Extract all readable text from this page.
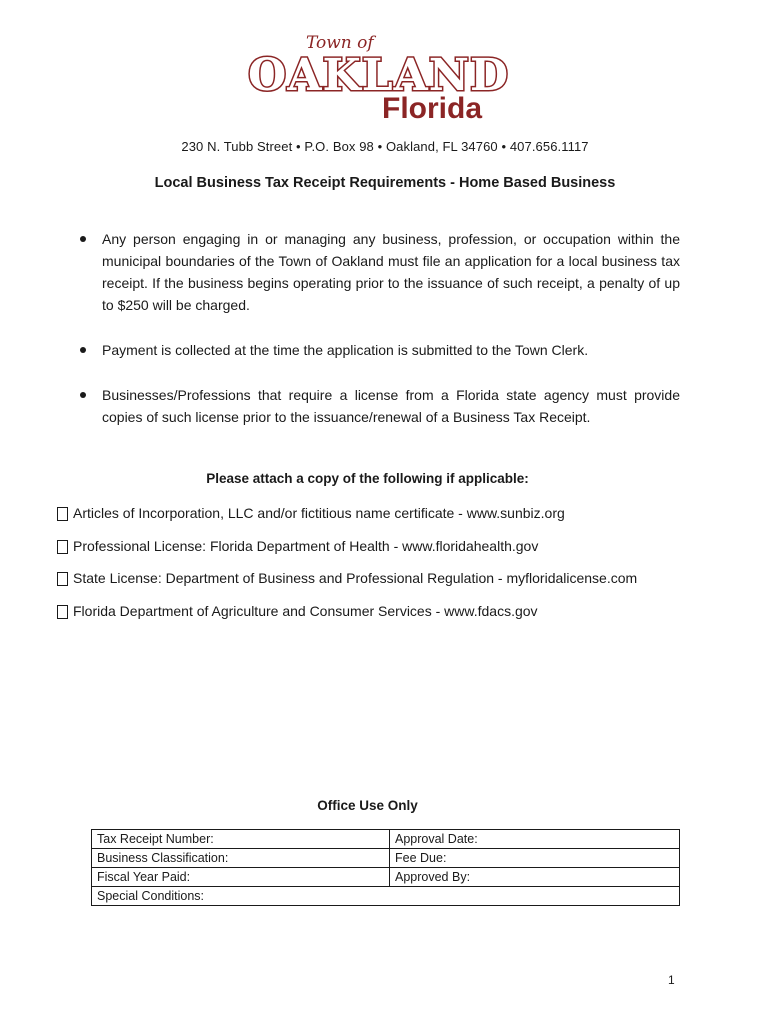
Town of
OAKLAND
Florida
230 N. Tubb Street • P.O. Box 98 • Oakland, FL 34760 • 407.656.1117
Local Business Tax Receipt Requirements - Home Based Business
Any person engaging in or managing any business, profession, or occupation within the municipal boundaries of the Town of Oakland must file an application for a local business tax receipt. If the business begins operating prior to the issuance of such receipt, a penalty of up to $250 will be charged.
Payment is collected at the time the application is submitted to the Town Clerk.
Businesses/Professions that require a license from a Florida state agency must provide copies of such license prior to the issuance/renewal of a Business Tax Receipt.
Please attach a copy of the following if applicable:
Articles of Incorporation, LLC and/or fictitious name certificate - www.sunbiz.org
Professional License: Florida Department of Health - www.floridahealth.gov
State License: Department of Business and Professional Regulation - myfloridalicense.com
Florida Department of Agriculture and Consumer Services - www.fdacs.gov
Office Use Only
Tax Receipt Number:	Approval Date:
Business Classification:	Fee Due:
Fiscal Year Paid:	Approved By:
Special Conditions:	
1
